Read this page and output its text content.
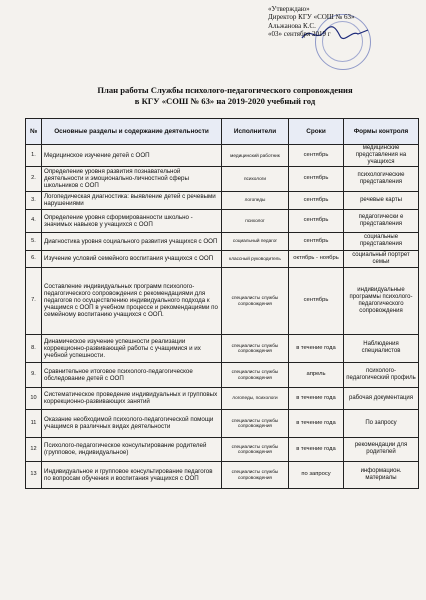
«Утверждаю»
Директор КГУ «СОШ № 63»
Альжанова К.С.
«03» сентября 2019 г
План работы Службы психолого-педагогического сопровождения
в КГУ «СОШ № 63» на 2019-2020 учебный год
№	Основные разделы и содержание деятельности	Исполнители	Сроки	Формы контроля
1.	Медицинское изучение детей с ООП	медицинский работник	сентябрь	медицинские представления на учащихся
2.	Определение уровня развития познавательной деятельности и эмоционально-личностной сферы школьников с ООП	психологи	сентябрь	психологические представления
3.	Логопедическая диагностика: выявление детей с речевыми нарушениями	логопеды	сентябрь	речевые карты
4.	Определение уровня сформированности школьно - значимых навыков у учащихся с ООП	психолог	сентябрь	педагогически е представления
5.	Диагностика уровня социального развития учащихся с ООП	социальный педагог	сентябрь	социальные представления
6.	Изучение условий семейного воспитания учащихся с ООП	классный руководитель	октябрь - ноябрь	социальный портрет семьи
7.	Составление индивидуальных программ психолого-педагогического сопровождения с рекомендациями для педагогов по осуществлению индивидуального подхода к учащимся с ООП в учебном процессе и рекомендациями по семейному воспитанию учащихся с ООП.	специалисты службы сопровождения	сентябрь	индивидуальные программы психолого-педагогического сопровождения
8.	Динамическое изучение успешности реализации коррекционно-развивающей работы с учащимися и их учебной успешности.	специалисты службы сопровождения	в течение года	Наблюдения специалистов
9.	Сравнительное итоговое психолого-педагогическое обследование детей с ООП	специалисты службы сопровождения	апрель	психолого-педагогический профиль
10	Систематическое проведение индивидуальных и групповых коррекционно-развивающих занятий	логопеды, психологи	в течение года	рабочая документация
11	Оказание необходимой психолого-педагогической помощи учащимся в различных видах деятельности	специалисты службы сопровождения	в течение года	По запросу
12	Психолого-педагогическое консультирование родителей (групповое, индивидуальное)	специалисты службы сопровождения	в течение года	рекомендации для родителей
13	Индивидуальное и групповое консультирование педагогов по вопросам обучения и воспитания учащихся с ООП	специалисты службы сопровождения	по запросу	информацион. материалы
